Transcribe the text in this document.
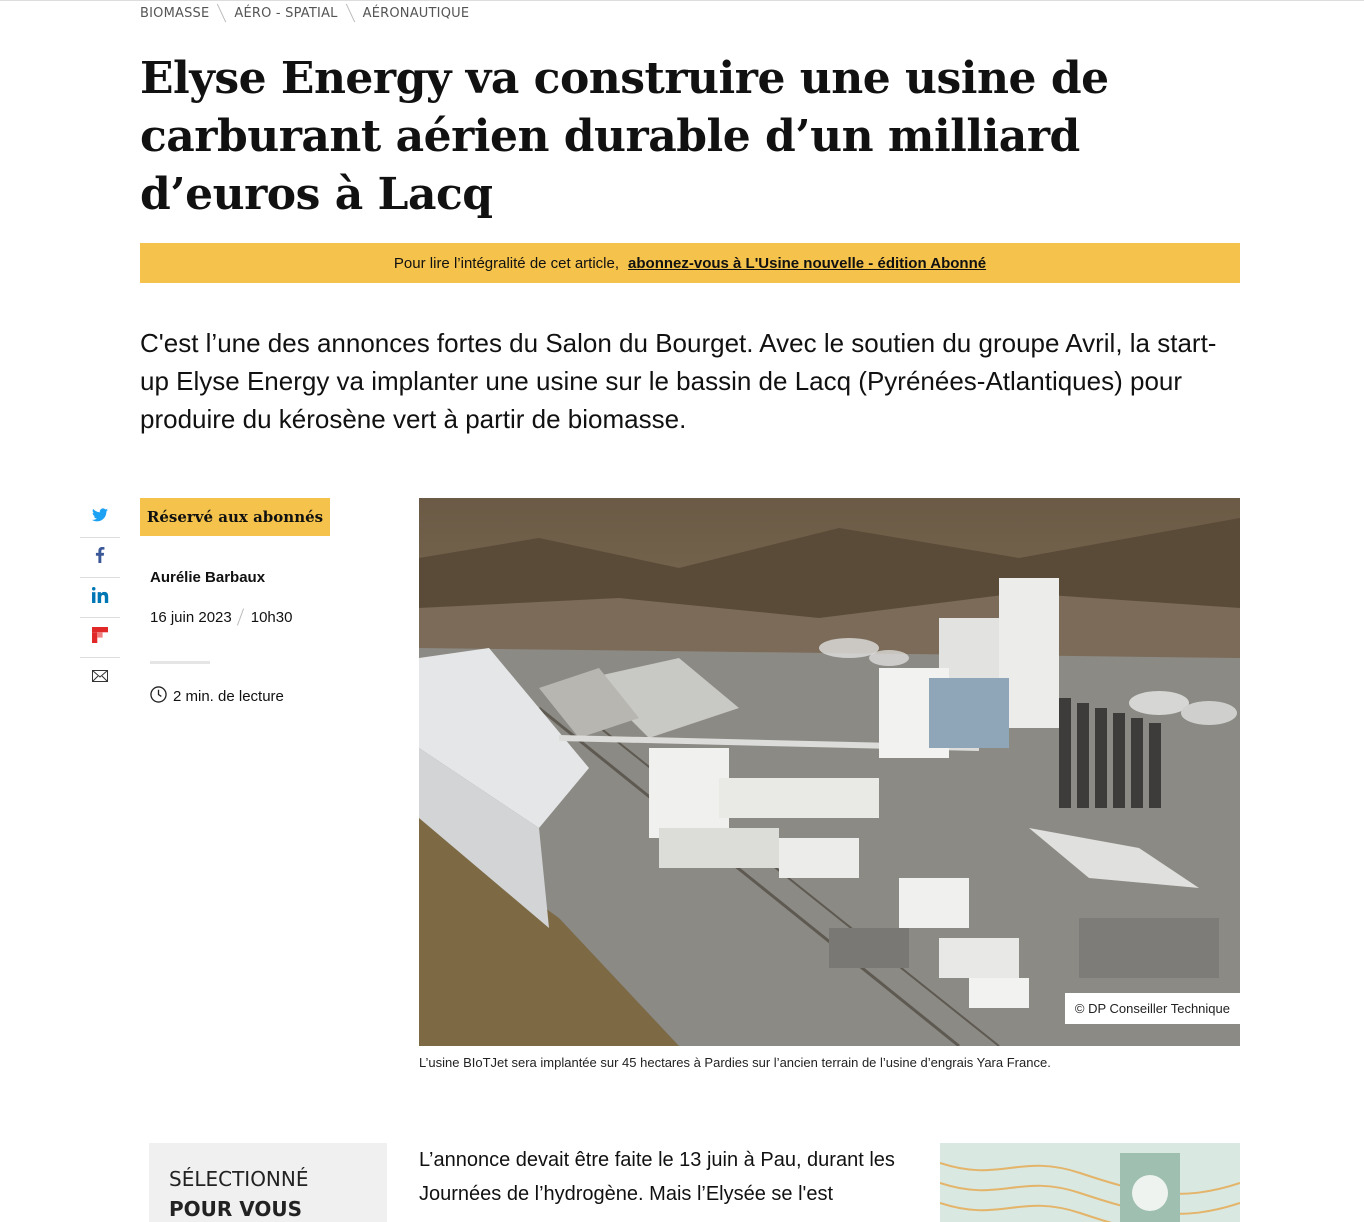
BIOMASSE AÉRO - SPATIAL AÉRONAUTIQUE
Elyse Energy va construire une usine de carburant aérien durable d’un milliard d’euros à Lacq
Pour lire l’intégralité de cet article, abonnez-vous à L'Usine nouvelle - édition Abonné

C'est l’une des annonces fortes du Salon du Bourget. Avec le soutien du groupe Avril, la start-up Elyse Energy va implanter une usine sur le bassin de Lacq (Pyrénées-Atlantiques) pour produire du kérosène vert à partir de biomasse.

Réservé aux abonnés
Aurélie Barbaux
16 juin 2023 10h30
2 min. de lecture
© DP Conseiller Technique
L’usine BIoTJet sera implantée sur 45 hectares à Pardies sur l’ancien terrain de l’usine d’engrais Yara France.
SÉLECTIONNÉ
POUR VOUS

L’annonce devait être faite le 13 juin à Pau, durant les Journées de l’hydrogène. Mais l’Elysée se l'est
